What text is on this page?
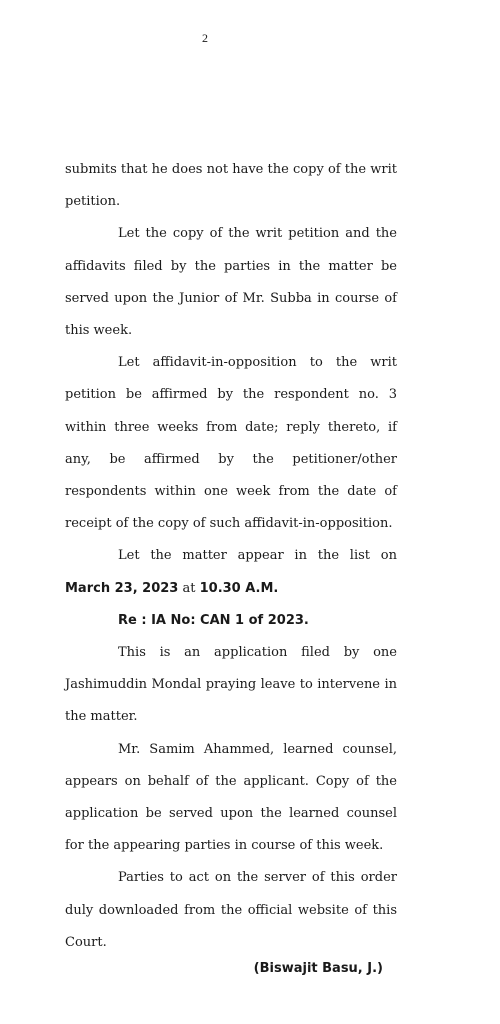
2

submits that he does not have the copy of the writ petition.

Let the copy of the writ petition and the affidavits filed by the parties in the matter be served upon the Junior of Mr. Subba in course of this week.

Let affidavit-in-opposition to the writ petition be affirmed by the respondent no. 3 within three weeks from date; reply thereto, if any, be affirmed by the petitioner/other respondents within one week from the date of receipt of the copy of such affidavit-in-opposition.

Let the matter appear in the list on

March 23, 2023 at 10.30 A.M.

Re : IA No: CAN 1 of 2023.

This is an application filed by one Jashimuddin Mondal praying leave to intervene in the matter.

Mr. Samim Ahammed, learned counsel, appears on behalf of the applicant. Copy of the application be served upon the learned counsel for the appearing parties in course of this week.

Parties to act on the server of this order duly downloaded from the official website of this Court.

(Biswajit Basu, J.)
